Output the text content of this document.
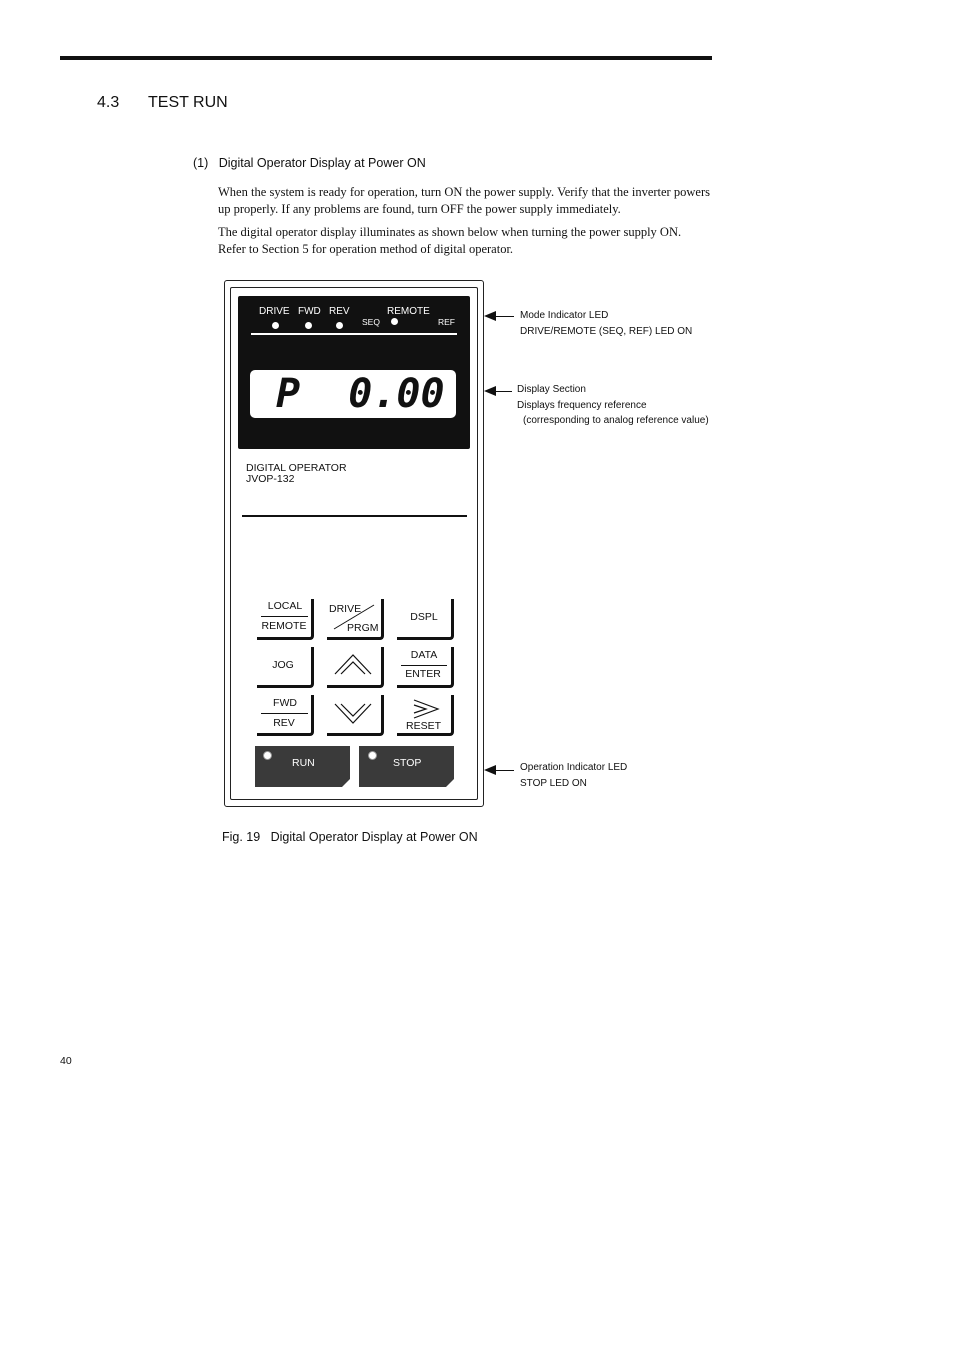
4.3 TEST RUN
(1)   Digital Operator Display at Power ON
When the system is ready for operation, turn ON the power supply. Verify that the inverter powers up properly. If any problems are found, turn OFF the power supply immediately.
The digital operator display illuminates as shown below when turning the power supply ON. Refer to Section 5 for operation method of digital operator.
DRIVE FWD REV	REMOTE
SEQ	REF
P  0.00
DIGITAL OPERATOR
JVOP-132
LOCAL
REMOTE
DRIVE
PRGM
DSPL
JOG
DATA
ENTER
FWD
REV	RESET
RUN	STOP
Mode Indicator LED
DRIVE/REMOTE (SEQ, REF) LED ON
Display Section
Displays frequency reference
(corresponding to analog reference value)
Operation Indicator LED
STOP LED ON
Fig. 19   Digital Operator Display at Power ON
40
